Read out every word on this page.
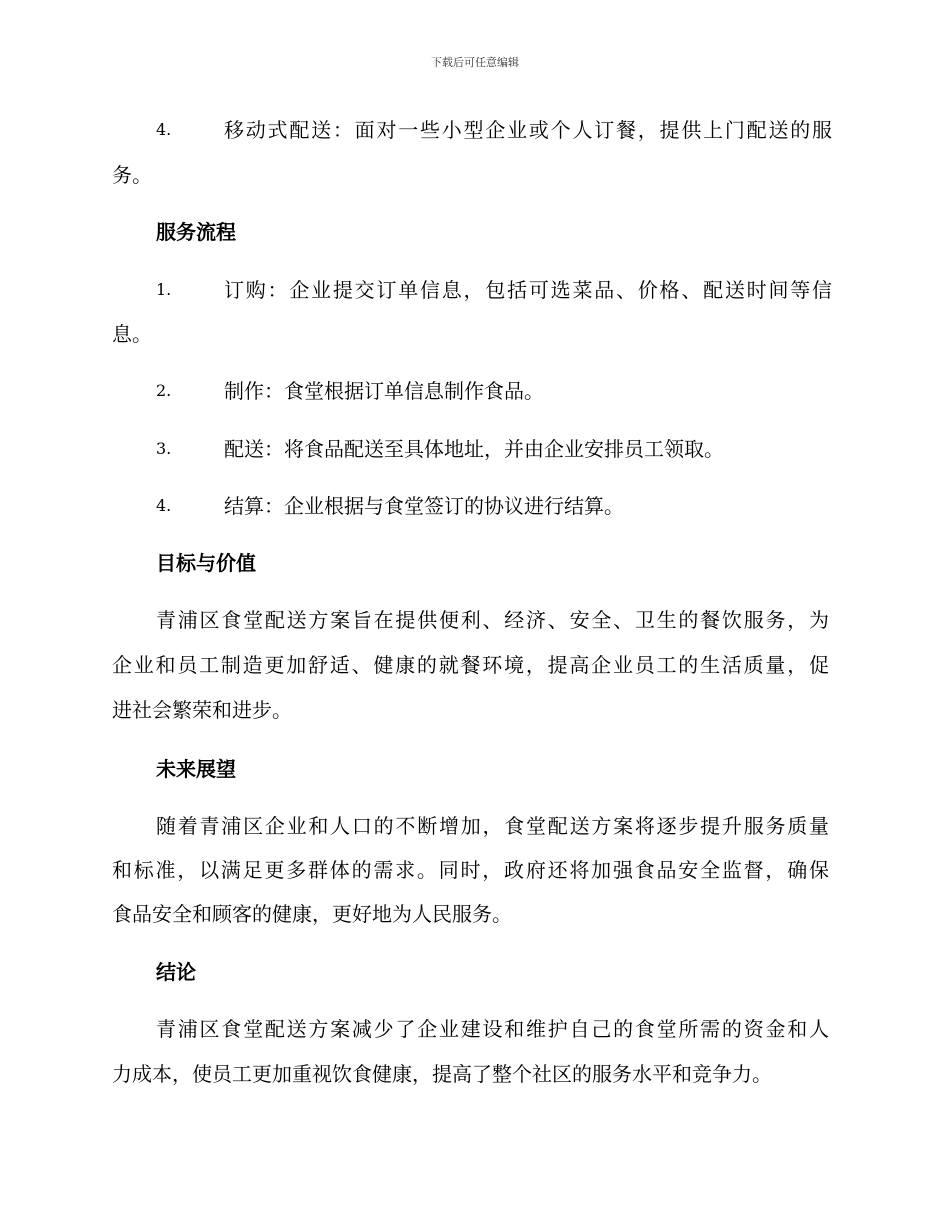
下载后可任意编辑
4.	移动式配送：面对一些小型企业或个人订餐，提供上门配送的服
务。
服务流程
1.	订购：企业提交订单信息，包括可选菜品、价格、配送时间等信
息。
2.	制作：食堂根据订单信息制作食品。
3.	配送：将食品配送至具体地址，并由企业安排员工领取。
4.	结算：企业根据与食堂签订的协议进行结算。
目标与价值
青浦区食堂配送方案旨在提供便利、经济、安全、卫生的餐饮服务，为
企业和员工制造更加舒适、健康的就餐环境，提高企业员工的生活质量，促
进社会繁荣和进步。
未来展望
随着青浦区企业和人口的不断增加，食堂配送方案将逐步提升服务质量
和标准，以满足更多群体的需求。同时，政府还将加强食品安全监督，确保
食品安全和顾客的健康，更好地为人民服务。
结论
青浦区食堂配送方案减少了企业建设和维护自己的食堂所需的资金和人
力成本，使员工更加重视饮食健康，提高了整个社区的服务水平和竞争力。
